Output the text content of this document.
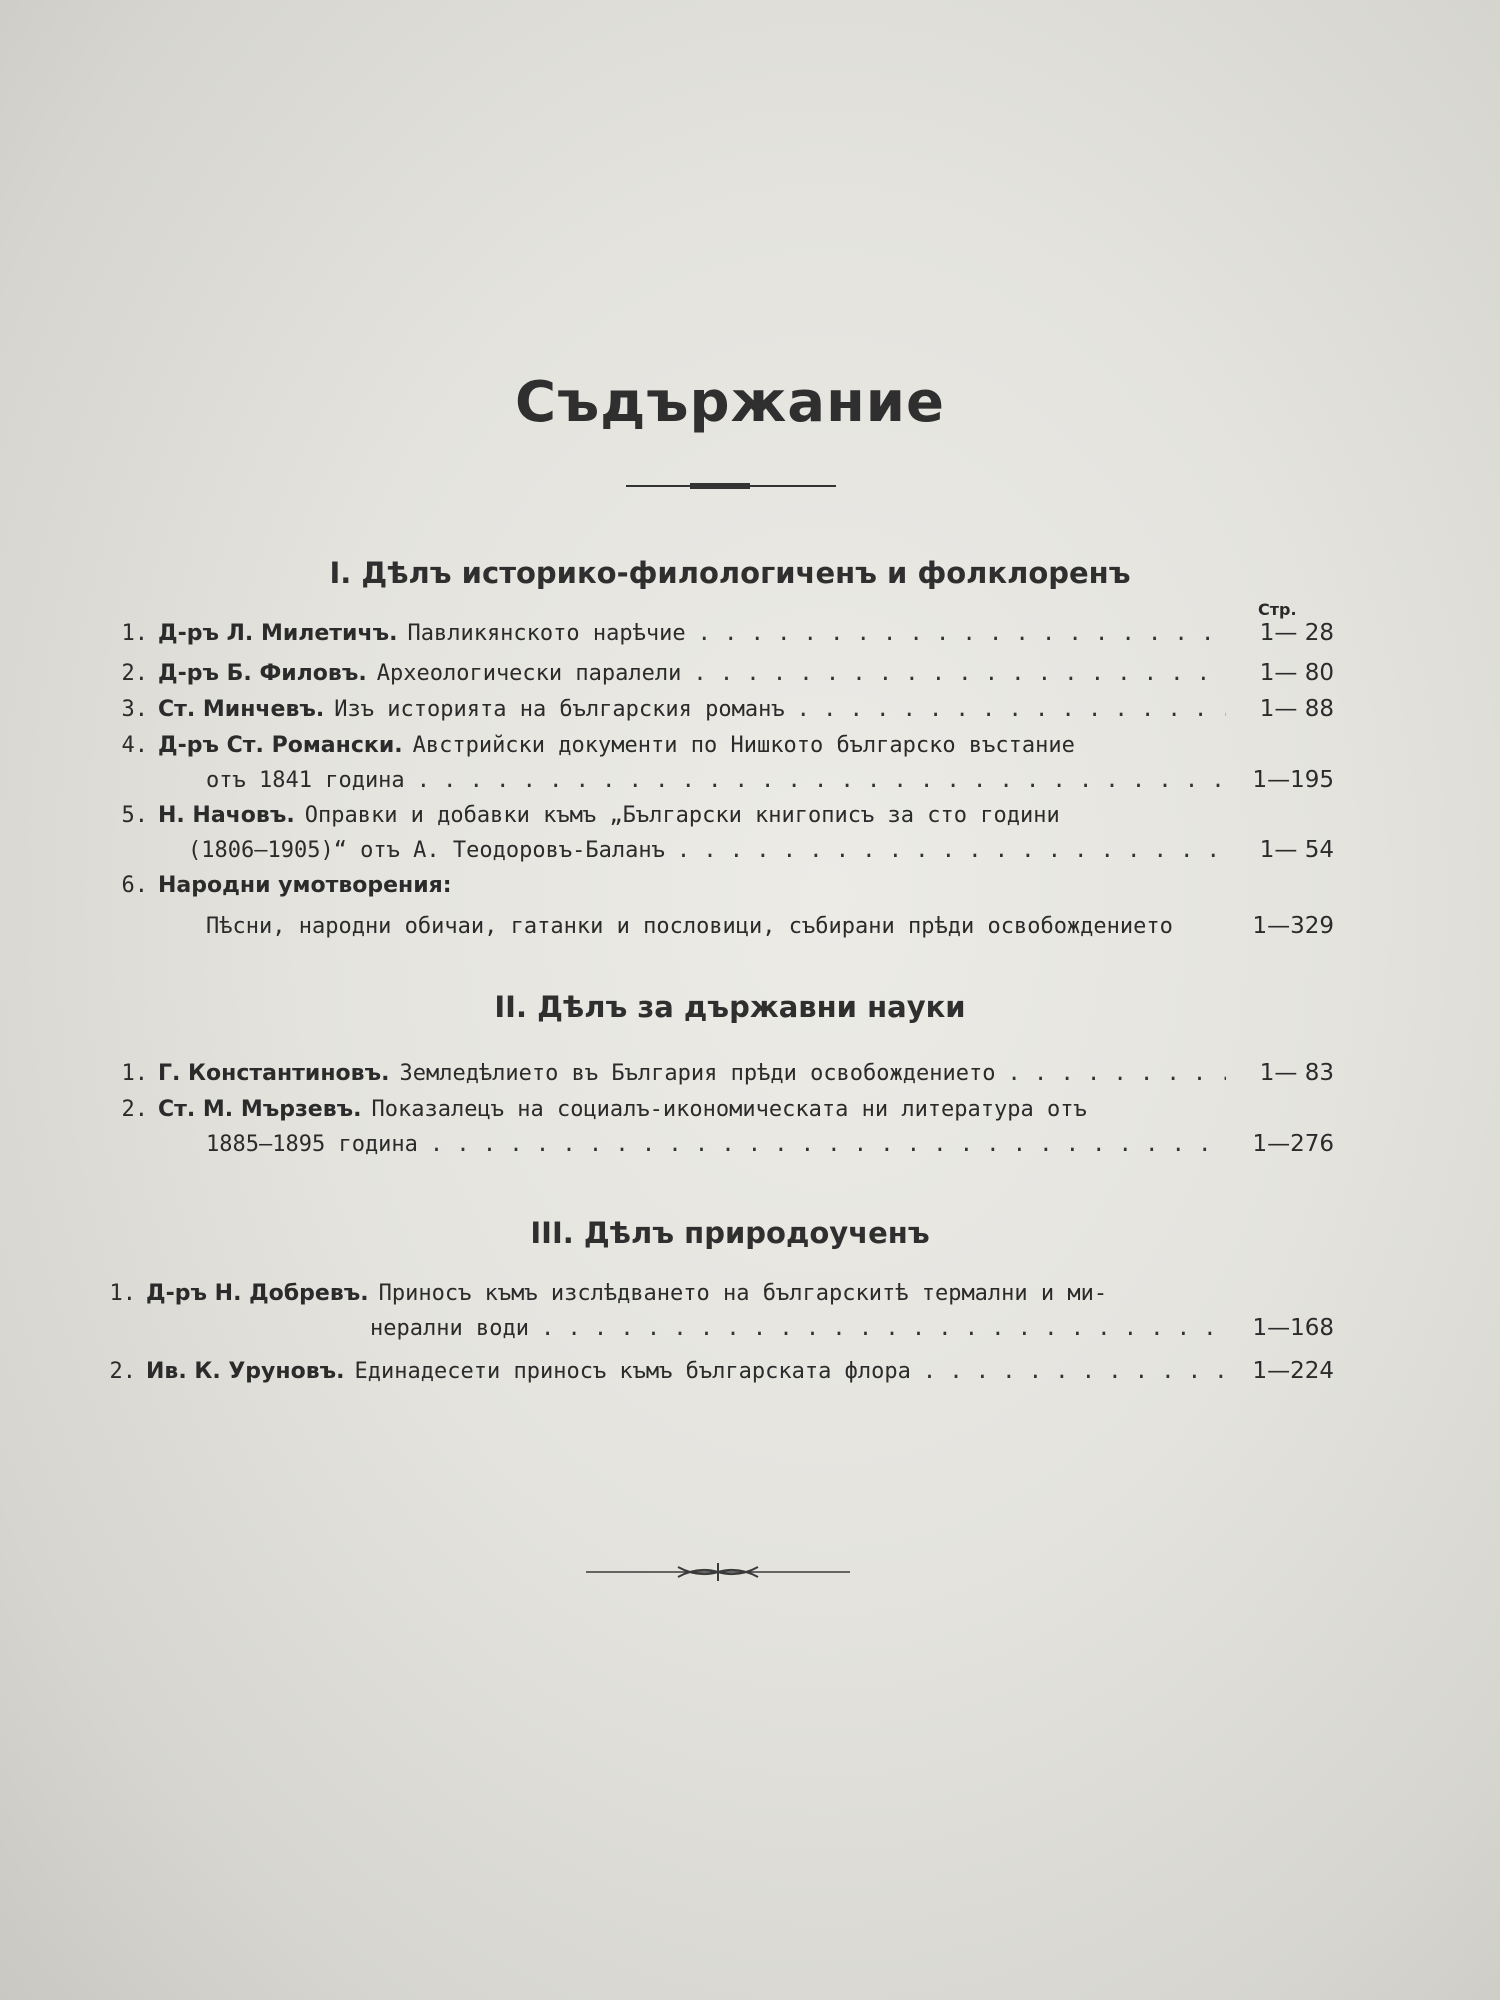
Съдържание
I. Дѣлъ историко-филологиченъ и фолклоренъ
Стр.
1. Д-ръ Л. Милетичъ. Павликянското нарѣчие . . .	1— 28
2. Д-ръ Б. Филовъ. Археологически паралели . . .	1— 80
3. Ст. Минчевъ. Изъ историята на българския романъ . . .	1— 88
4. Д-ръ Ст. Романски. Австрийски документи по Нишкото българско въстание
отъ 1841 година . . .	1—195
5. Н. Начовъ. Оправки и добавки къмъ „Български книгописъ за сто години
(1806—1905)“ отъ А. Теодоровъ-Баланъ . . .	1— 54
6. Народни умотворения:
Пѣсни, народни обичаи, гатанки и пословици, събирани прѣди освобождението	1—329
II. Дѣлъ за държавни науки
1. Г. Константиновъ. Земледѣлието въ България прѣди освобождението . . .	1— 83
2. Ст. М. Мързевъ. Показалецъ на социалъ-икономическата ни литература отъ
1885—1895 година . . .	1—276
III. Дѣлъ природоученъ
1. Д-ръ Н. Добревъ. Приносъ къмъ изслѣдването на българскитѣ термални и ми-
нерални води . . .	1—168
2. Ив. К. Уруновъ. Единадесети приносъ къмъ българската флора . . .	1—224
